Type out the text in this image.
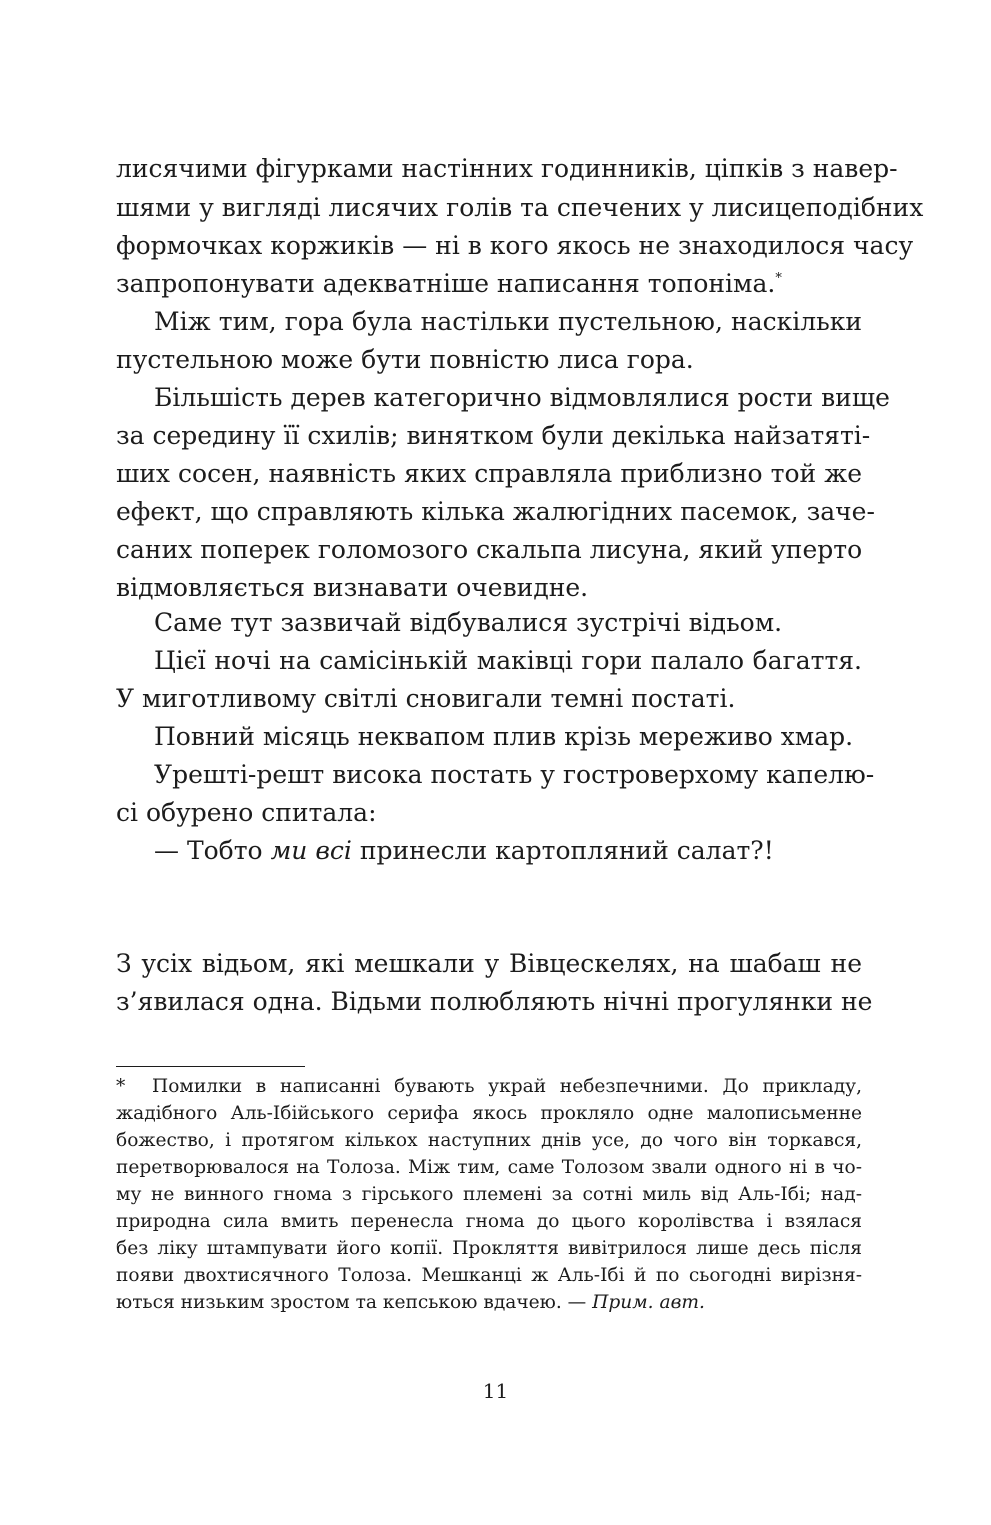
лисячими фігурками настінних годинників, ціпків з навер-
шями у вигляді лисячих голів та спечених у лисицеподібних
формочках коржиків — ні в кого якось не знаходилося часу
запропонувати адекватніше написання топоніма.*
Між тим, гора була настільки пустельною, наскільки
пустельною може бути повністю лиса гора.
Більшість дерев категорично відмовлялися рости вище
за середину її схилів; винятком були декілька найзатяті-
ших сосен, наявність яких справляла приблизно той же
ефект, що справляють кілька жалюгідних пасемок, заче-
саних поперек голомозого скальпа лисуна, який уперто
відмовляється визнавати очевидне.
Саме тут зазвичай відбувалися зустрічі відьом.
Цієї ночі на самісінькій маківці гори палало багаття.
У миготливому світлі сновигали темні постаті.
Повний місяць неквапом плив крізь мереживо хмар.
Урешті-решт висока постать у гостроверхому капелю-
сі обурено спитала:
— Тобто ми всі принесли картопляний салат?!
З усіх відьом, які мешкали у Вівцескелях, на шабаш не
з’явилася одна. Відьми полюбляють нічні прогулянки не
* Помилки в написанні бувають украй небезпечними. До прикладу,
жадібного Аль-Ібійського серифа якось прокляло одне малописьменне
божество, і протягом кількох наступних днів усе, до чого він торкався,
перетворювалося на Толоза. Між тим, саме Толозом звали одного ні в чо-
му не винного гнома з гірського племені за сотні миль від Аль-Ібі; над-
природна сила вмить перенесла гнома до цього королівства і взялася
без ліку штампувати його копії. Прокляття вивітрилося лише десь після
появи двохтисячного Толоза. Мешканці ж Аль-Ібі й по сьогодні вирізня-
ються низьким зростом та кепською вдачею. — Прим. авт.
11
